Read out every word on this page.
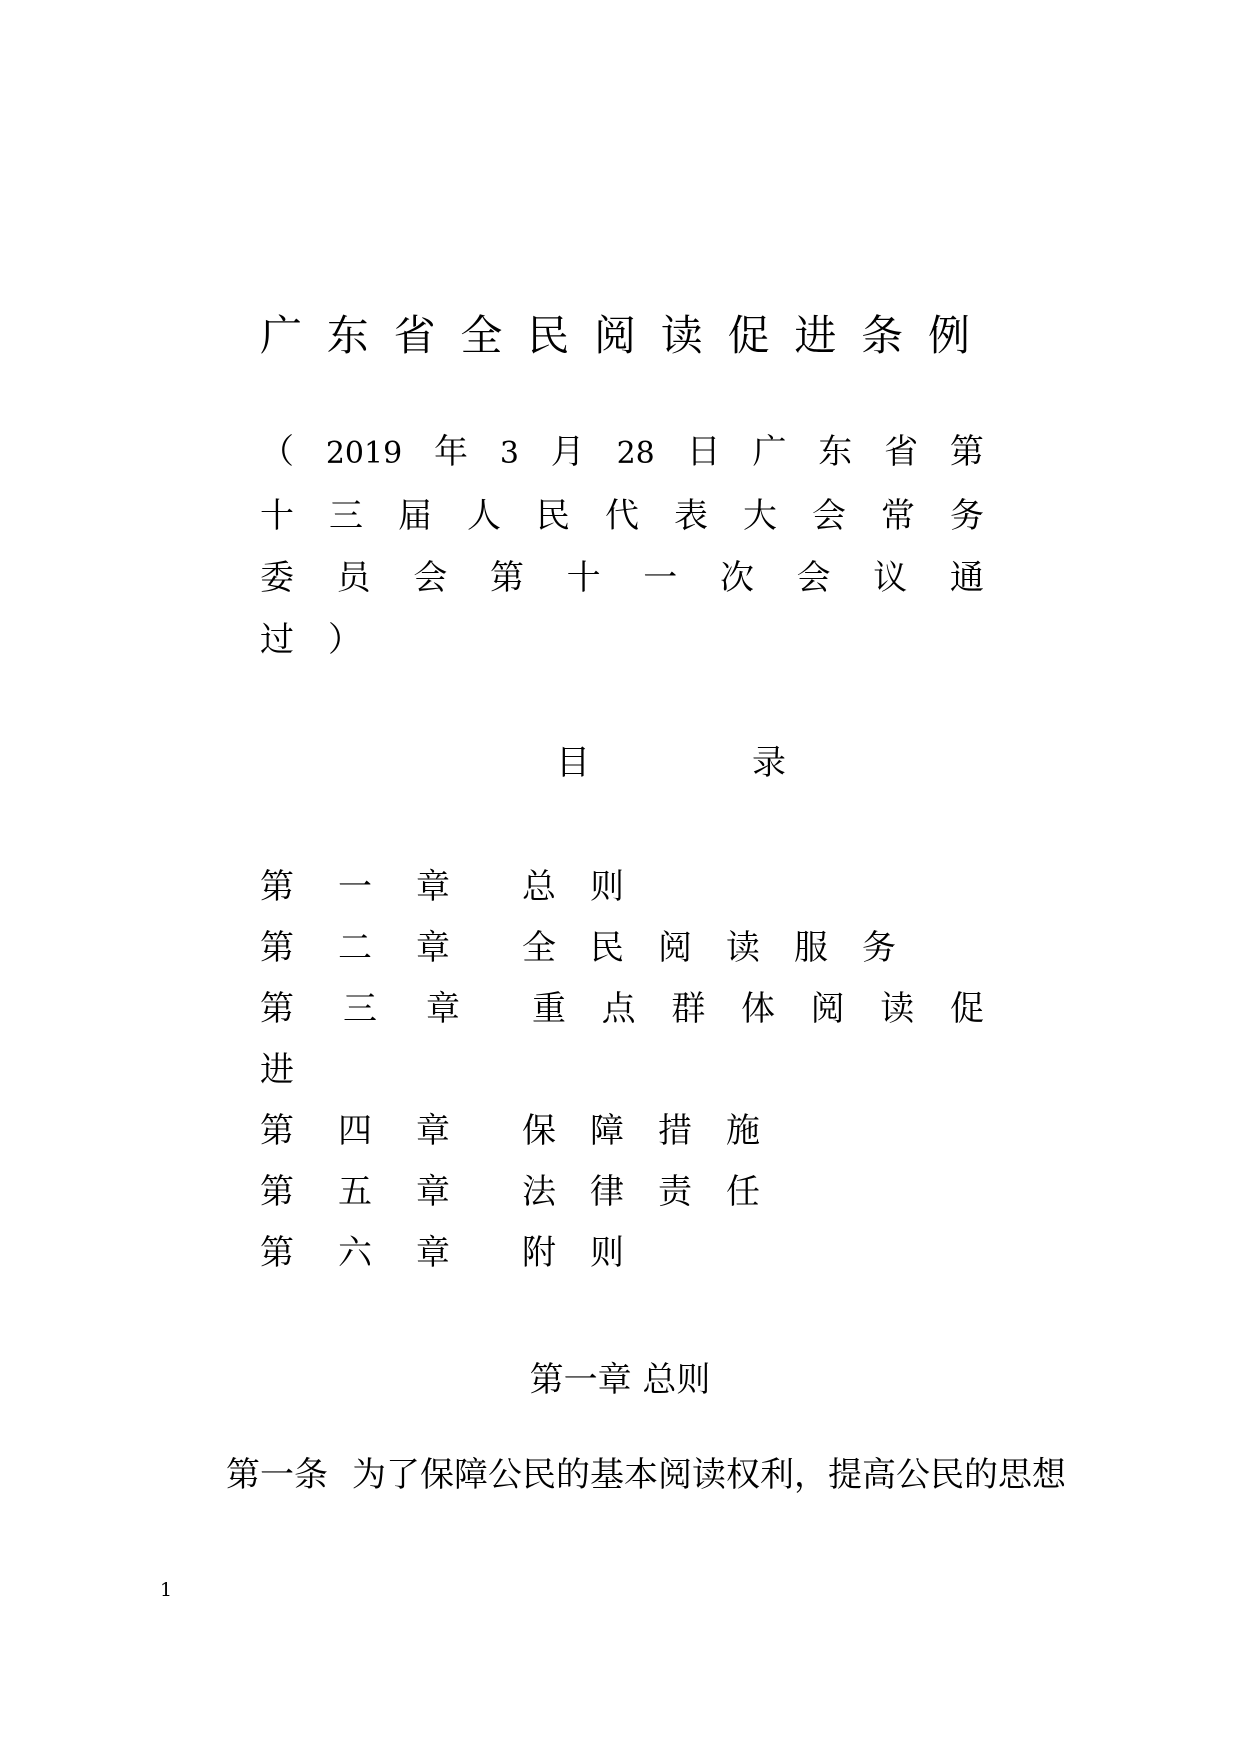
广 东 省 全 民 阅 读 促 进 条 例
（ 2019 年 3 月 28 日 广 东 省 第
十 三 届 人 民 代 表 大 会 常 务
委 员 会 第 十 一 次 会 议 通
过 ）
目	录
第 一 章 总 则
第 二 章 全 民 阅 读 服 务
第 三 章 重 点 群 体 阅 读 促
进
第 四 章 保 障 措 施
第 五 章 法 律 责 任
第 六 章 附 则
第一章 总则
第一条 为了保障公民的基本阅读权利，提高公民的思想
1
